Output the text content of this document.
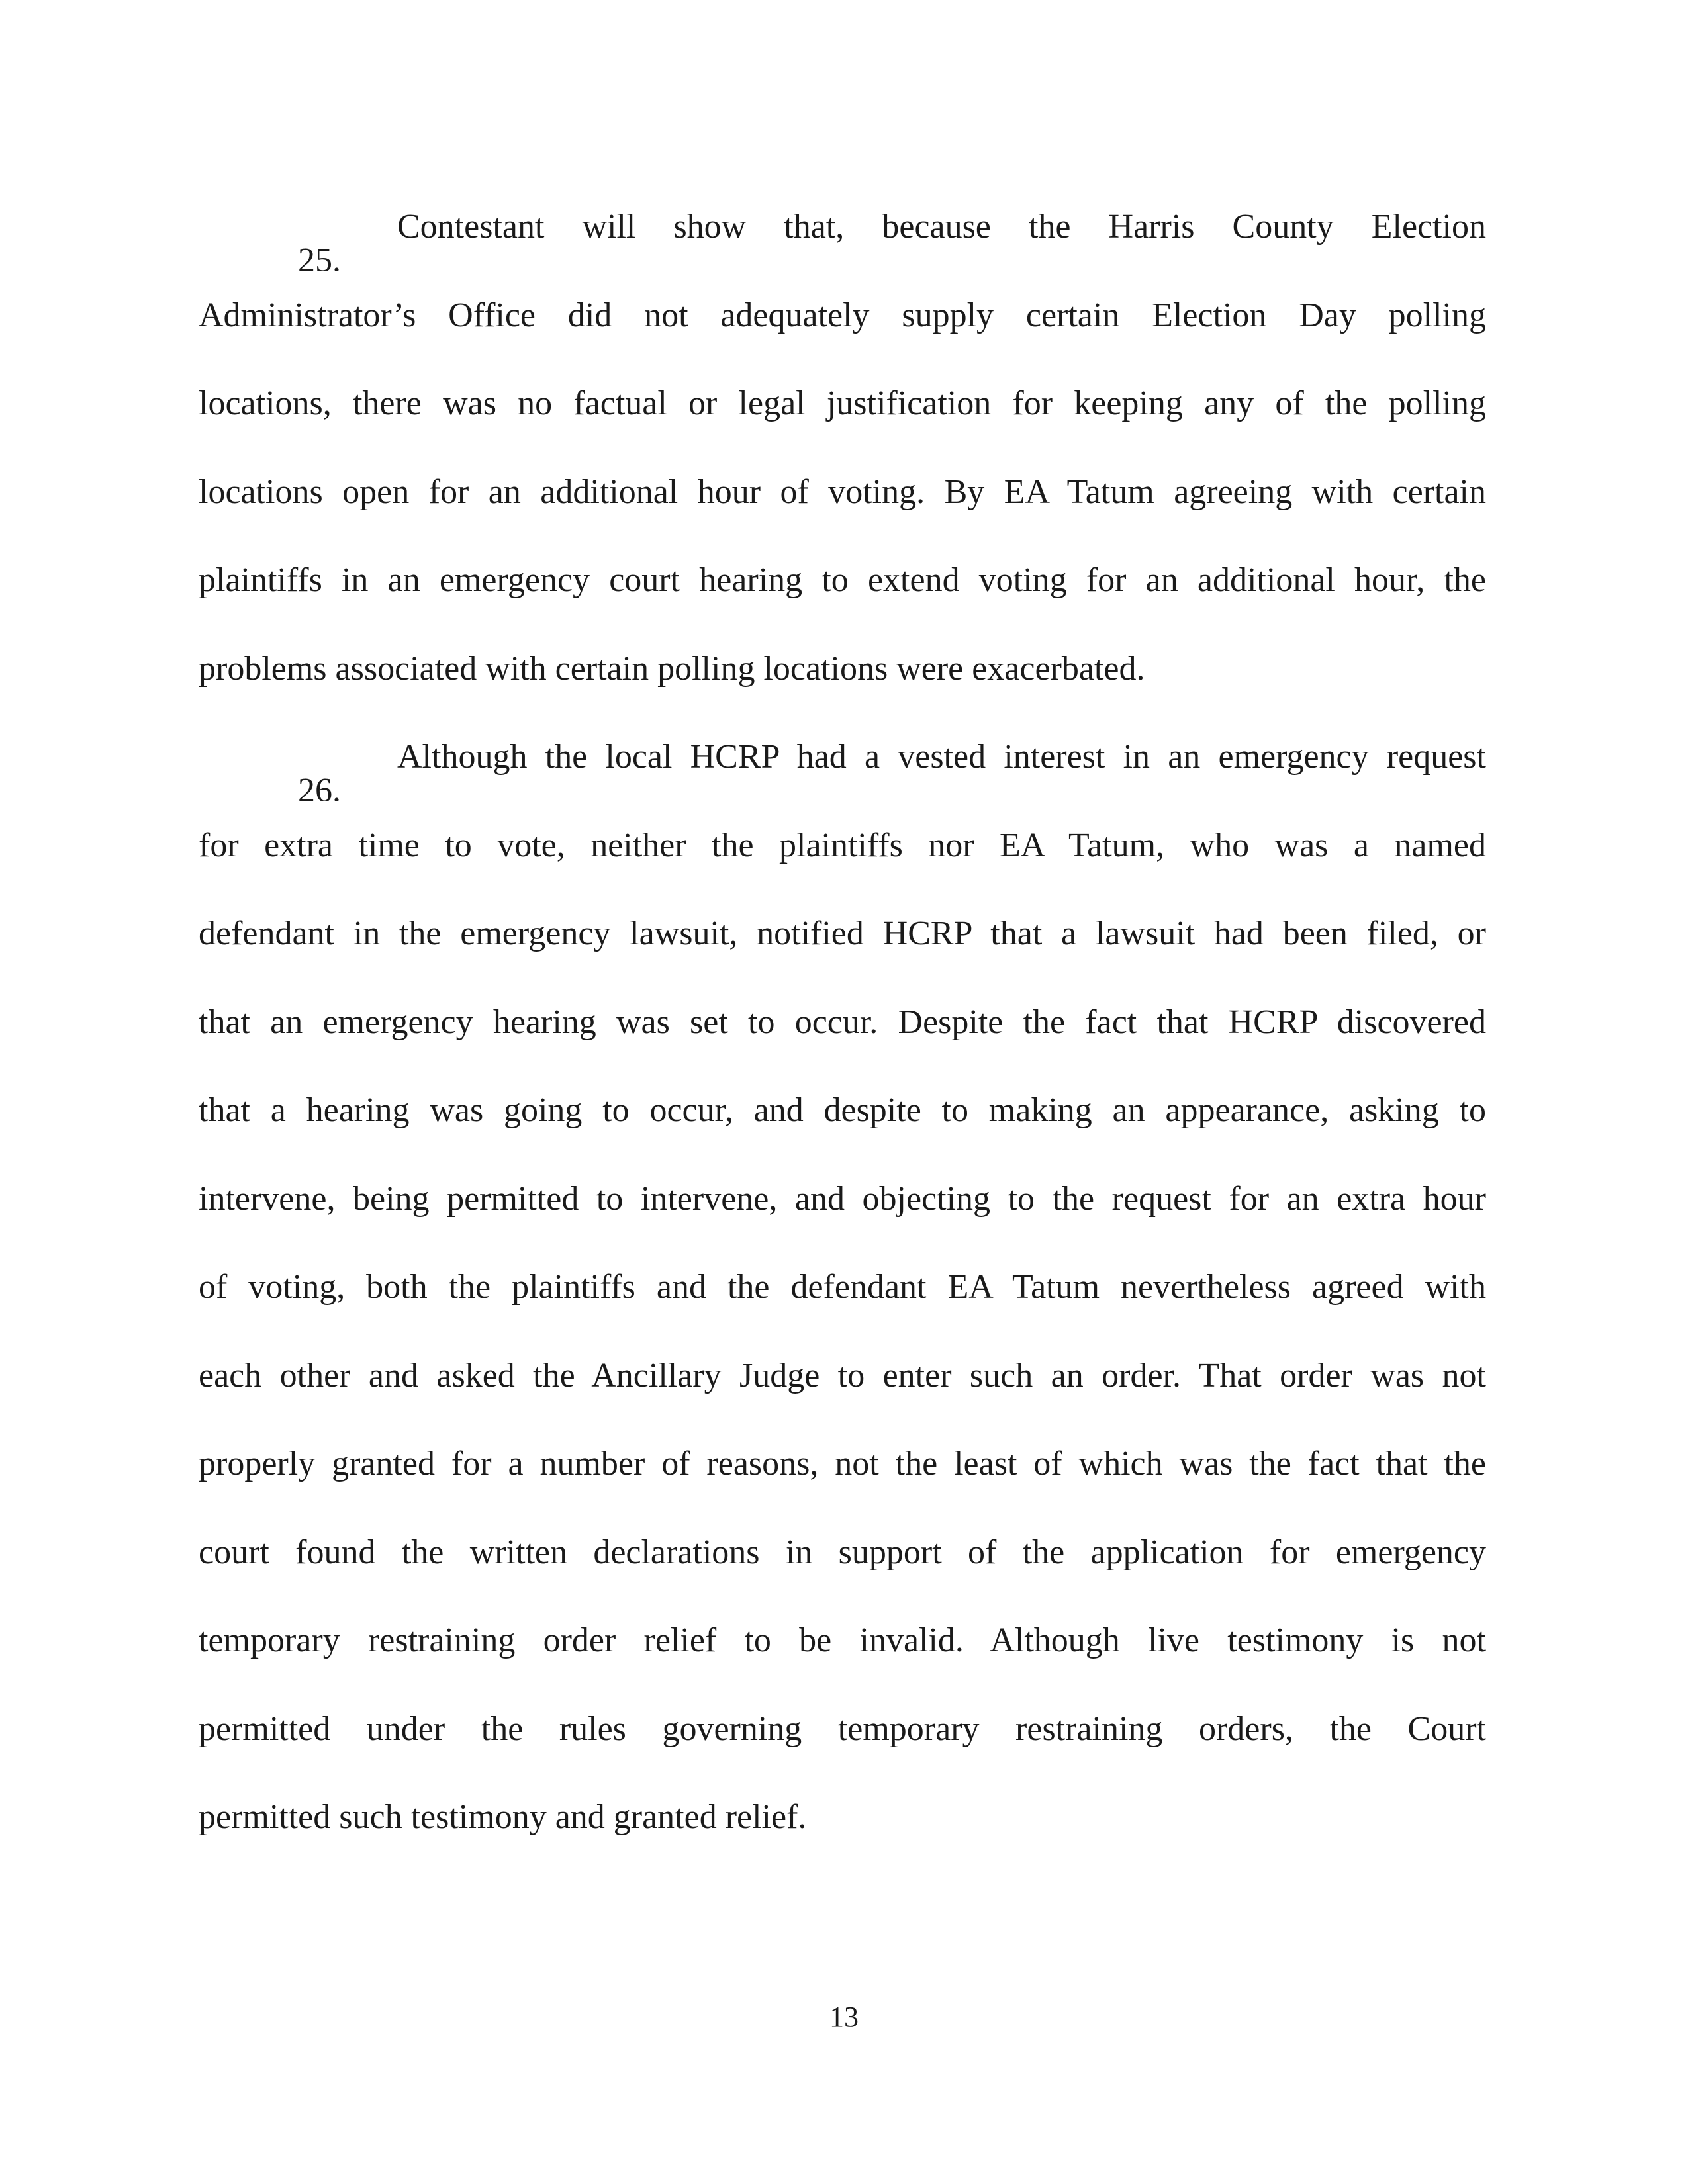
25.
Contestant will show that, because the Harris County Election
Administrator’s Office did not adequately supply certain Election Day polling
locations, there was no factual or legal justification for keeping any of the polling
locations open for an additional hour of voting. By EA Tatum agreeing with certain
plaintiffs in an emergency court hearing to extend voting for an additional hour, the
problems associated with certain polling locations were exacerbated.
26.
Although the local HCRP had a vested interest in an emergency request
for extra time to vote, neither the plaintiffs nor EA Tatum, who was a named
defendant in the emergency lawsuit, notified HCRP that a lawsuit had been filed, or
that an emergency hearing was set to occur. Despite the fact that HCRP discovered
that a hearing was going to occur, and despite to making an appearance, asking to
intervene, being permitted to intervene, and objecting to the request for an extra hour
of voting, both the plaintiffs and the defendant EA Tatum nevertheless agreed with
each other and asked the Ancillary Judge to enter such an order. That order was not
properly granted for a number of reasons, not the least of which was the fact that the
court found the written declarations in support of the application for emergency
temporary restraining order relief to be invalid. Although live testimony is not
permitted under the rules governing temporary restraining orders, the Court
permitted such testimony and granted relief.
13
